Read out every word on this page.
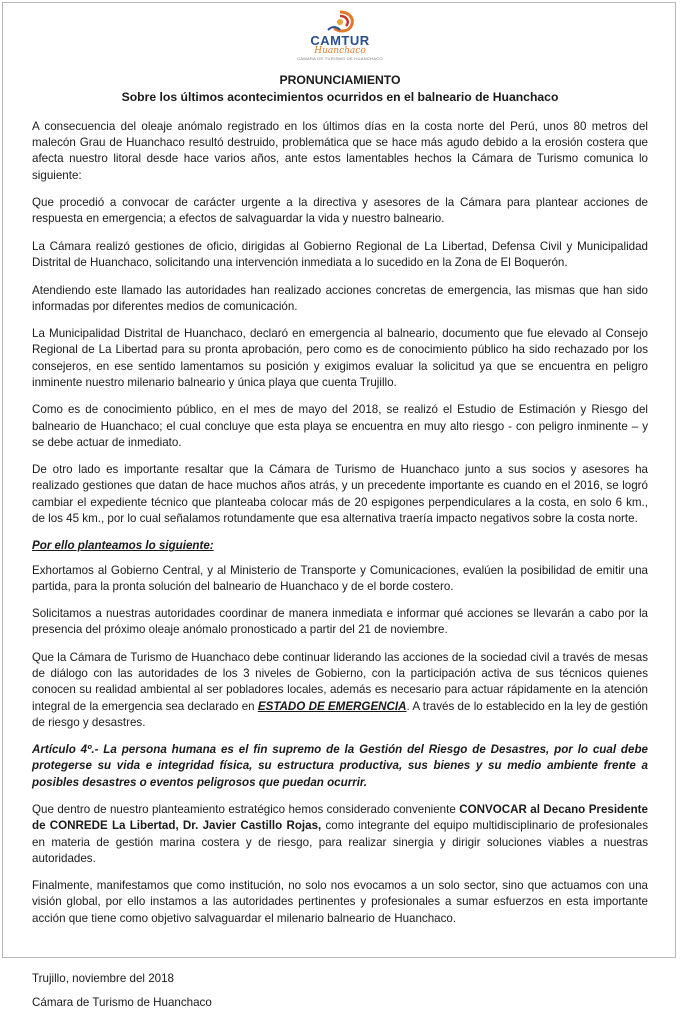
CAMTUR
Huanchaco
CÁMARA DE TURISMO DE HUANCHACO
PRONUNCIAMIENTO
Sobre los últimos acontecimientos ocurridos en el balneario de Huanchaco

A consecuencia del oleaje anómalo registrado en los últimos días en la costa norte del Perú, unos 80 metros del malecón Grau de Huanchaco resultó destruido, problemática que se hace más agudo debido a la erosión costera que afecta nuestro litoral desde hace varios años, ante estos lamentables hechos la Cámara de Turismo comunica lo siguiente:

Que procedió a convocar de carácter urgente a la directiva y asesores de la Cámara para plantear acciones de respuesta en emergencia; a efectos de salvaguardar la vida y nuestro balneario.

La Cámara realizó gestiones de oficio, dirigidas al Gobierno Regional de La Libertad, Defensa Civil y Municipalidad Distrital de Huanchaco, solicitando una intervención inmediata a lo sucedido en la Zona de El Boquerón.

Atendiendo este llamado las autoridades han realizado acciones concretas de emergencia, las mismas que han sido informadas por diferentes medios de comunicación.

La Municipalidad Distrital de Huanchaco, declaró en emergencia al balneario, documento que fue elevado al Consejo Regional de La Libertad para su pronta aprobación, pero como es de conocimiento público ha sido rechazado por los consejeros, en ese sentido lamentamos su posición y exigimos evaluar la solicitud ya que se encuentra en peligro inminente nuestro milenario balneario y única playa que cuenta Trujillo.

Como es de conocimiento público, en el mes de mayo del 2018, se realizó el Estudio de Estimación y Riesgo del balneario de Huanchaco; el cual concluye que esta playa se encuentra en muy alto riesgo - con peligro inminente – y se debe actuar de inmediato.

De otro lado es importante resaltar que la Cámara de Turismo de Huanchaco junto a sus socios y asesores ha realizado gestiones que datan de hace muchos años atrás, y un precedente importante es cuando en el 2016, se logró cambiar el expediente técnico que planteaba colocar más de 20 espigones perpendiculares a la costa, en solo 6 km., de los 45 km., por lo cual señalamos rotundamente que esa alternativa traería impacto negativos sobre la costa norte.

Por ello planteamos lo siguiente:

Exhortamos al Gobierno Central, y al Ministerio de Transporte y Comunicaciones, evalúen la posibilidad de emitir una partida, para la pronta solución del balneario de Huanchaco y de el borde costero.

Solicitamos a nuestras autoridades coordinar de manera inmediata e informar qué acciones se llevarán a cabo por la presencia del próximo oleaje anómalo pronosticado a partir del 21 de noviembre.

Que la Cámara de Turismo de Huanchaco debe continuar liderando las acciones de la sociedad civil a través de mesas de diálogo con las autoridades de los 3 niveles de Gobierno, con la participación activa de sus técnicos quienes conocen su realidad ambiental al ser pobladores locales, además es necesario para actuar rápidamente en la atención integral de la emergencia sea declarado en ESTADO DE EMERGENCIA. A través de lo establecido en la ley de gestión de riesgo y desastres.

Artículo 4º.- La persona humana es el fin supremo de la Gestión del Riesgo de Desastres, por lo cual debe protegerse su vida e integridad física, su estructura productiva, sus bienes y su medio ambiente frente a posibles desastres o eventos peligrosos que puedan ocurrir.

Que dentro de nuestro planteamiento estratégico hemos considerado conveniente CONVOCAR al Decano Presidente de CONREDE La Libertad, Dr. Javier Castillo Rojas, como integrante del equipo multidisciplinario de profesionales en materia de gestión marina costera y de riesgo, para realizar sinergia y dirigir soluciones viables a nuestras autoridades.

Finalmente, manifestamos que como institución, no solo nos evocamos a un solo sector, sino que actuamos con una visión global, por ello instamos a las autoridades pertinentes y profesionales a sumar esfuerzos en esta importante acción que tiene como objetivo salvaguardar el milenario balneario de Huanchaco.

Trujillo, noviembre del 2018
Cámara de Turismo de Huanchaco
